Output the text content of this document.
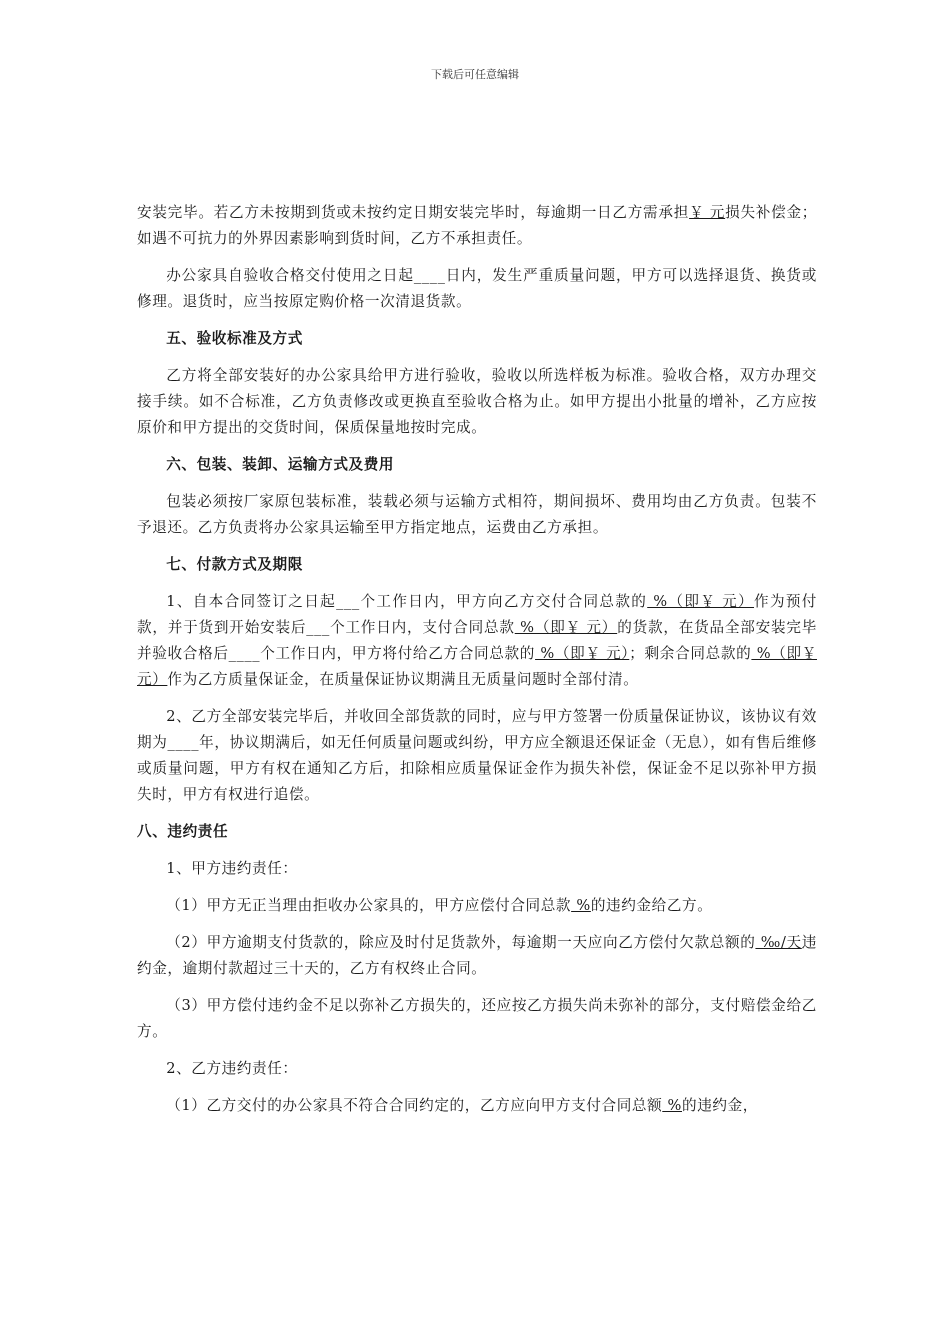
下载后可任意编辑

安装完毕。若乙方未按期到货或未按约定日期安装完毕时，每逾期一日乙方需承担￥ 元损失补偿金；如遇不可抗力的外界因素影响到货时间，乙方不承担责任。

办公家具自验收合格交付使用之日起____日内，发生严重质量问题，甲方可以选择退货、换货或修理。退货时，应当按原定购价格一次清退货款。

五、验收标准及方式

乙方将全部安装好的办公家具给甲方进行验收，验收以所选样板为标准。验收合格，双方办理交接手续。如不合标准，乙方负责修改或更换直至验收合格为止。如甲方提出小批量的增补，乙方应按原价和甲方提出的交货时间，保质保量地按时完成。

六、包装、装卸、运输方式及费用

包装必须按厂家原包装标准，装载必须与运输方式相符，期间损坏、费用均由乙方负责。包装不予退还。乙方负责将办公家具运输至甲方指定地点，运费由乙方承担。

七、付款方式及期限

1、自本合同签订之日起___个工作日内，甲方向乙方交付合同总款的 %（即￥ 元）作为预付款，并于货到开始安装后___个工作日内，支付合同总款 %（即￥ 元）的货款，在货品全部安装完毕并验收合格后____个工作日内，甲方将付给乙方合同总款的 %（即￥ 元）；剩余合同总款的 %（即￥ 元）作为乙方质量保证金，在质量保证协议期满且无质量问题时全部付清。

2、乙方全部安装完毕后，并收回全部货款的同时，应与甲方签署一份质量保证协议，该协议有效期为____年，协议期满后，如无任何质量问题或纠纷，甲方应全额退还保证金（无息），如有售后维修或质量问题，甲方有权在通知乙方后，扣除相应质量保证金作为损失补偿，保证金不足以弥补甲方损失时，甲方有权进行追偿。

八、违约责任

1、甲方违约责任：

（1）甲方无正当理由拒收办公家具的，甲方应偿付合同总款 %的违约金给乙方。

（2）甲方逾期支付货款的，除应及时付足货款外，每逾期一天应向乙方偿付欠款总额的 ‰/天违约金，逾期付款超过三十天的，乙方有权终止合同。

（3）甲方偿付违约金不足以弥补乙方损失的，还应按乙方损失尚未弥补的部分，支付赔偿金给乙方。

2、乙方违约责任：

（1）乙方交付的办公家具不符合合同约定的，乙方应向甲方支付合同总额 %的违约金，
